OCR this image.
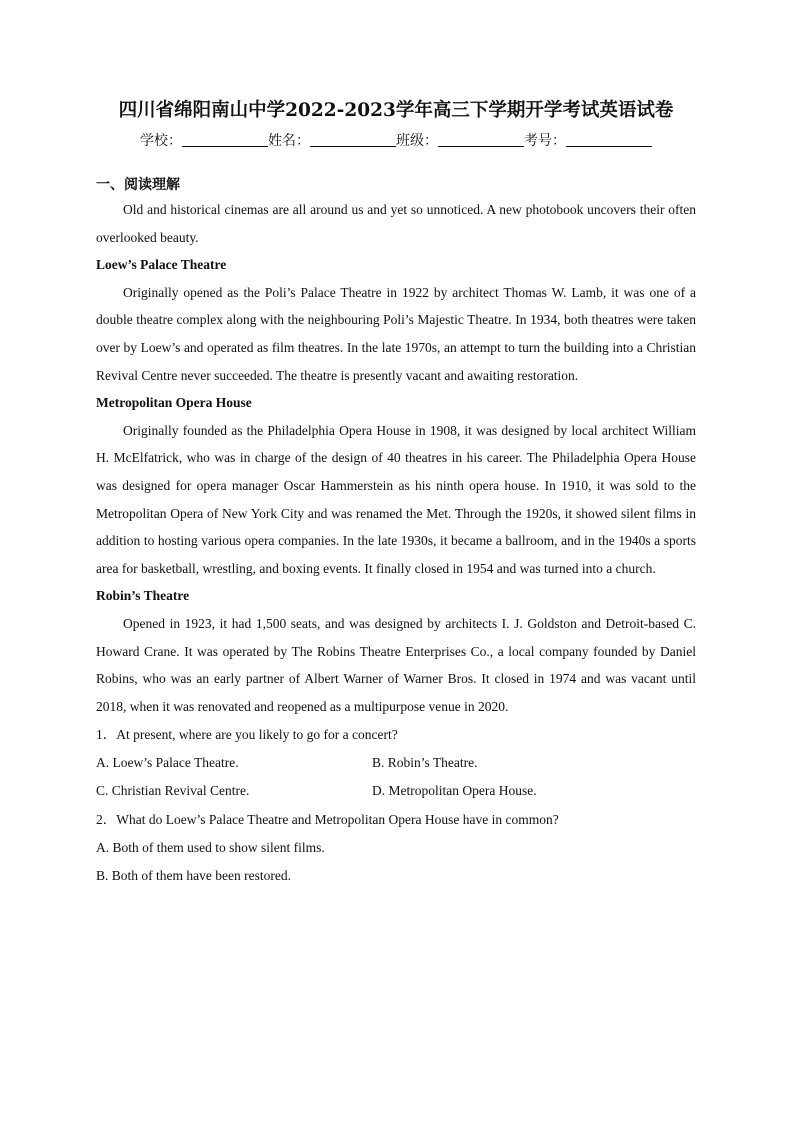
四川省绵阳南山中学2022-2023学年高三下学期开学考试英语试卷
学校：	姓名：	班级：	考号：
一、阅读理解

Old and historical cinemas are all around us and yet so unnoticed. A new photobook uncovers their often overlooked beauty.

Loew’s Palace Theatre

Originally opened as the Poli’s Palace Theatre in 1922 by architect Thomas W. Lamb, it was one of a double theatre complex along with the neighbouring Poli’s Majestic Theatre. In 1934, both theatres were taken over by Loew’s and operated as film theatres. In the late 1970s, an attempt to turn the building into a Christian Revival Centre never succeeded. The theatre is presently vacant and awaiting restoration.

Metropolitan Opera House

Originally founded as the Philadelphia Opera House in 1908, it was designed by local architect William H. McElfatrick, who was in charge of the design of 40 theatres in his career. The Philadelphia Opera House was designed for opera manager Oscar Hammerstein as his ninth opera house. In 1910, it was sold to the Metropolitan Opera of New York City and was renamed the Met. Through the 1920s, it showed silent films in addition to hosting various opera companies. In the late 1930s, it became a ballroom, and in the 1940s a sports area for basketball, wrestling, and boxing events. It finally closed in 1954 and was turned into a church.

Robin’s Theatre

Opened in 1923, it had 1,500 seats, and was designed by architects I. J. Goldston and Detroit-based C. Howard Crane. It was operated by The Robins Theatre Enterprises Co., a local company founded by Daniel Robins, who was an early partner of Albert Warner of Warner Bros. It closed in 1974 and was vacant until 2018, when it was renovated and reopened as a multipurpose venue in 2020.

1．At present, where are you likely to go for a concert?
A. Loew’s Palace Theatre.	B. Robin’s Theatre.
C. Christian Revival Centre.	D. Metropolitan Opera House.
2．What do Loew’s Palace Theatre and Metropolitan Opera House have in common?
A. Both of them used to show silent films.
B. Both of them have been restored.
